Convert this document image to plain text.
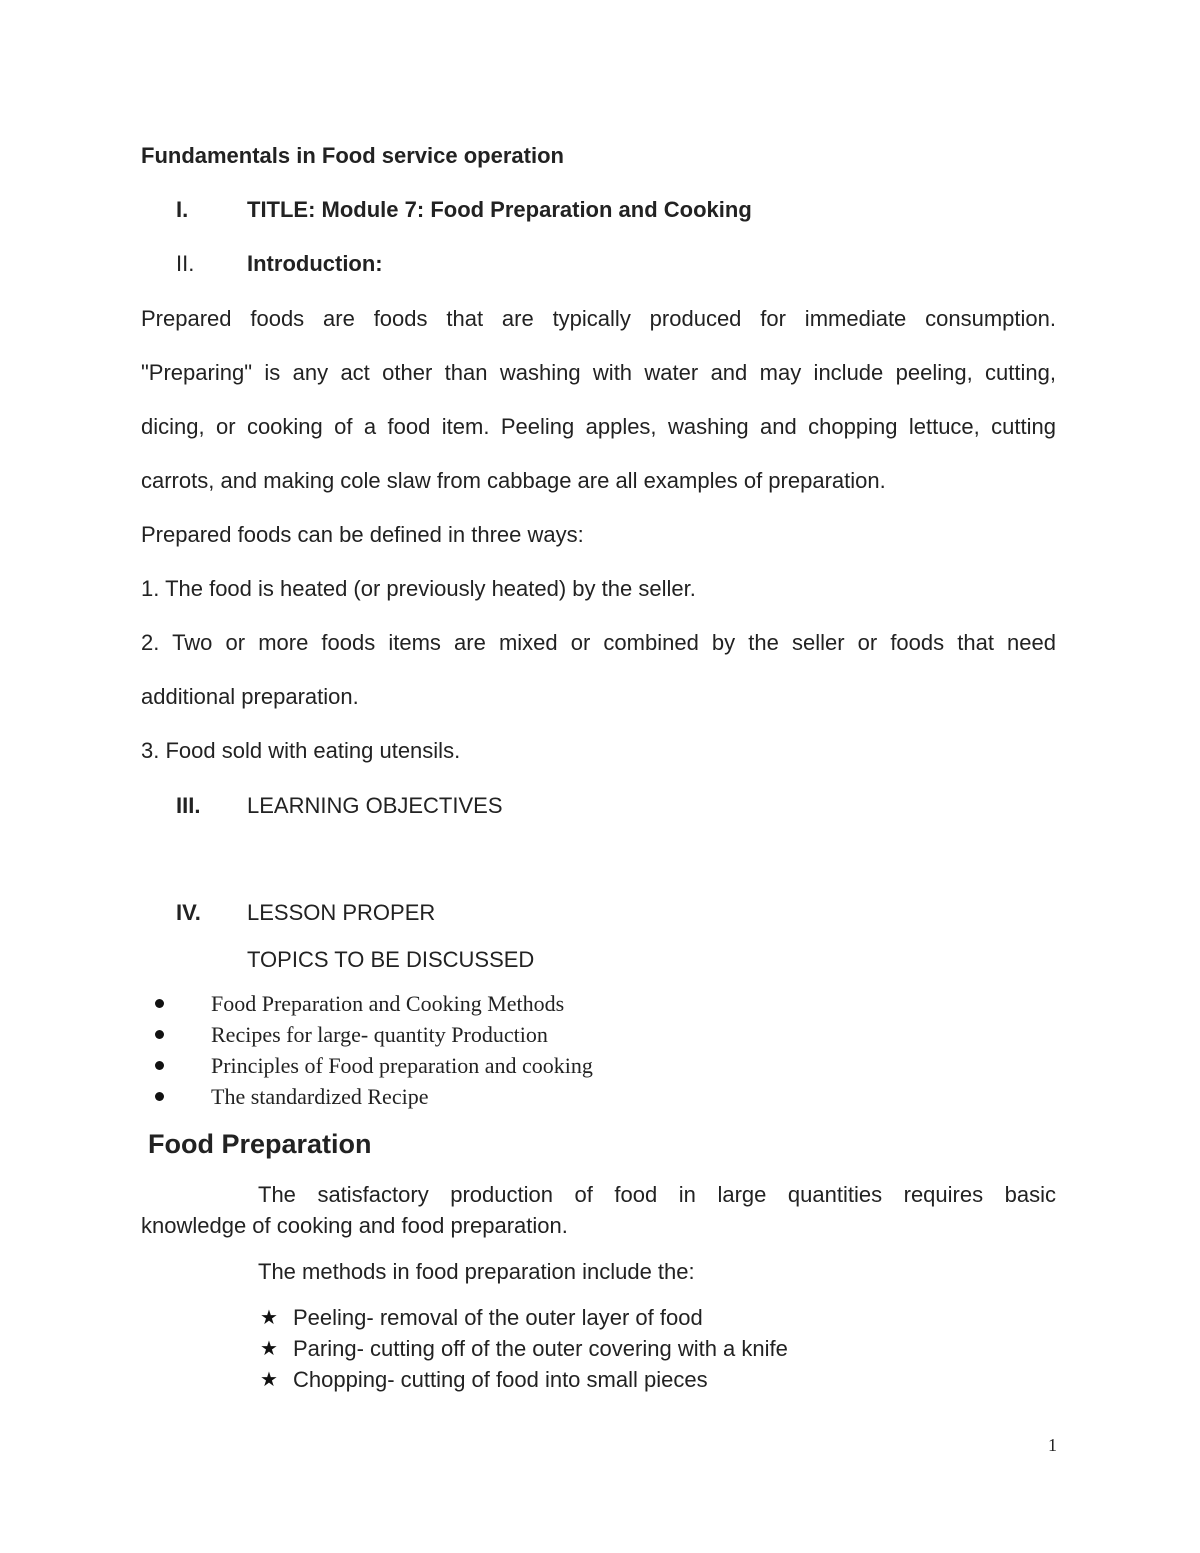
Fundamentals in Food service operation
I.	TITLE: Module 7: Food Preparation and Cooking
II. Introduction:
Prepared foods are foods that are typically produced for immediate consumption.
"Preparing" is any act other than washing with water and may include peeling, cutting,
dicing, or cooking of a food item. Peeling apples, washing and chopping lettuce, cutting
carrots, and making cole slaw from cabbage are all examples of preparation.
Prepared foods can be defined in three ways:
1. The food is heated (or previously heated) by the seller.
2. Two or more foods items are mixed or combined by the seller or foods that need
additional preparation.
3. Food sold with eating utensils.
III. LEARNING OBJECTIVES
IV. LESSON PROPER
TOPICS TO BE DISCUSSED
Food Preparation and Cooking Methods
Recipes for large- quantity Production
Principles of Food preparation and cooking
The standardized Recipe
Food Preparation
The satisfactory production of food in large quantities requires basic
knowledge of cooking and food preparation.
The methods in food preparation include the:
★ Peeling- removal of the outer layer of food
★ Paring- cutting off of the outer covering with a knife
★ Chopping- cutting of food into small pieces
1
